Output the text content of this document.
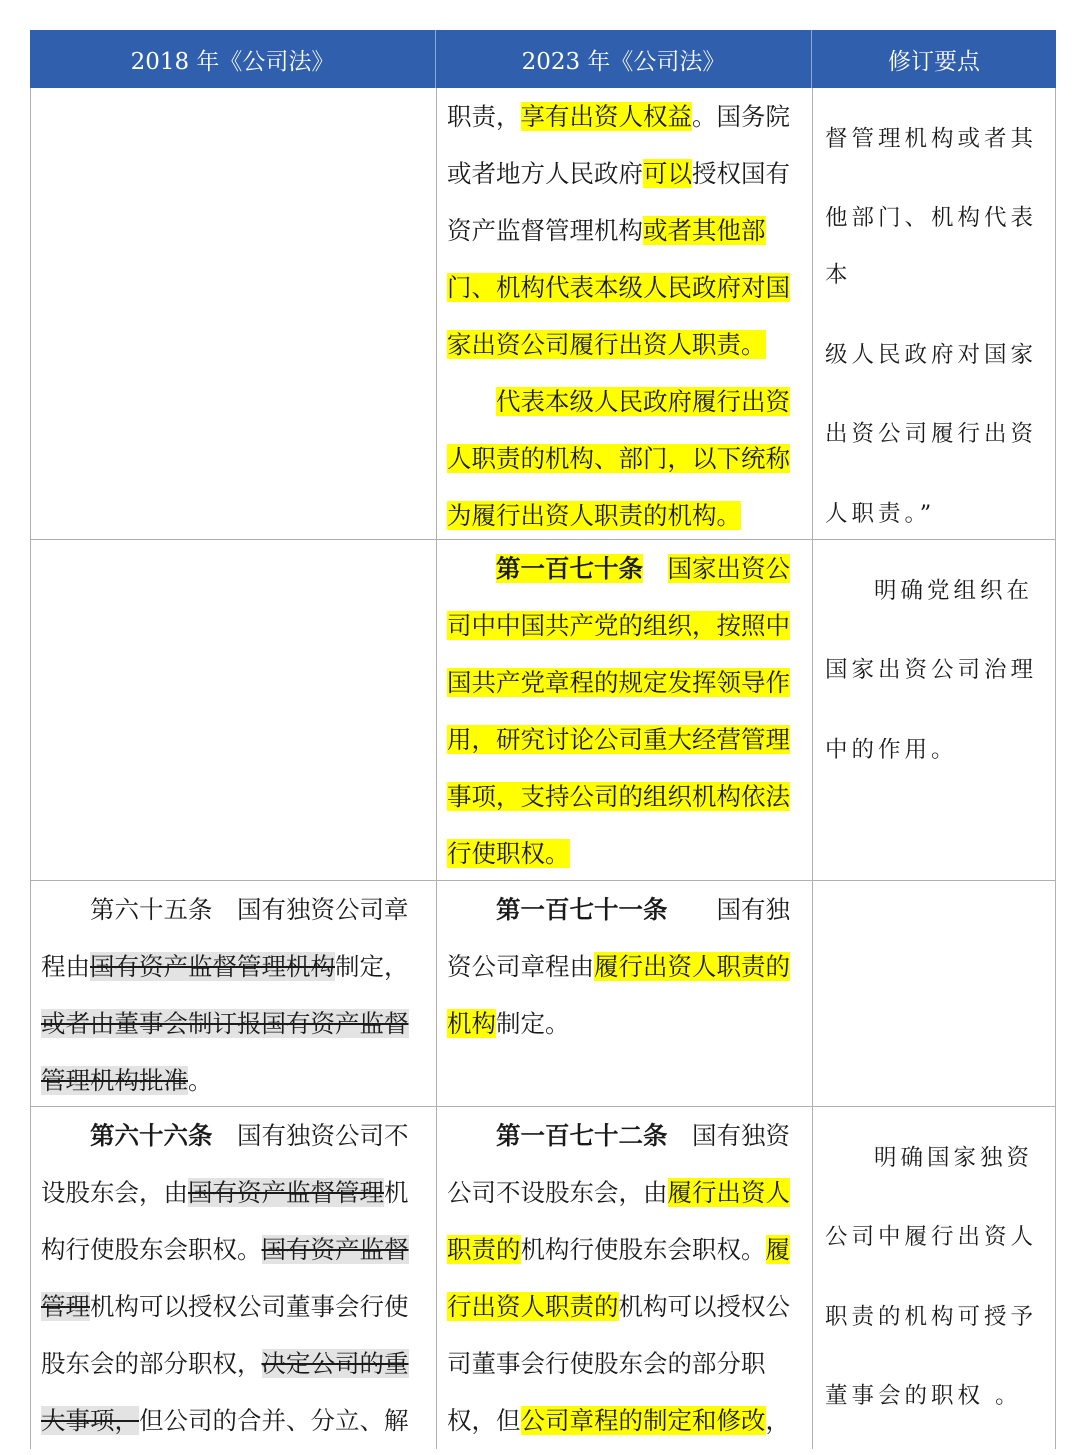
2018 年《公司法》	2023 年《公司法》	修订要点

职责，享有出资人权益。国务院

或者地方人民政府可以授权国有

资产监督管理机构或者其他部

门、机构代表本级人民政府对国

家出资公司履行出资人职责。

代表本级人民政府履行出资

人职责的机构、部门，以下统称

为履行出资人职责的机构。

督管理机构或者其

他部门、机构代表本

级人民政府对国家

出资公司履行出资

人职责。”

第一百七十条　 国家出资公

司中中国共产党的组织，按照中

国共产党章程的规定发挥领导作

用，研究讨论公司重大经营管理

事项，支持公司的组织机构依法

行使职权。

明确党组织在

国家出资公司治理

中的作用。

第六十五条　国有独资公司章

程由国有资产监督管理机构制定，

或者由董事会制订报国有资产监督

管理机构批准。

第一百七十一条　　 国有独

资公司章程由履行出资人职责的

机构制定。

第六十六条　 国有独资公司不

设股东会，由国有资产监督管理机

构行使股东会职权。国有资产监督

管理机构可以授权公司董事会行使

股东会的部分职权，决定公司的重

大事项，但公司的合并、分立、解

第一百七十二条　 国有独资

公司不设股东会，由履行出资人

职责的机构行使股东会职权。履

行出资人职责的机构可以授权公

司董事会行使股东会的部分职

权，但公司章程的制定和修改，

明确国家独资

公司中履行出资人

职责的机构可授予

董事会的职权 。
